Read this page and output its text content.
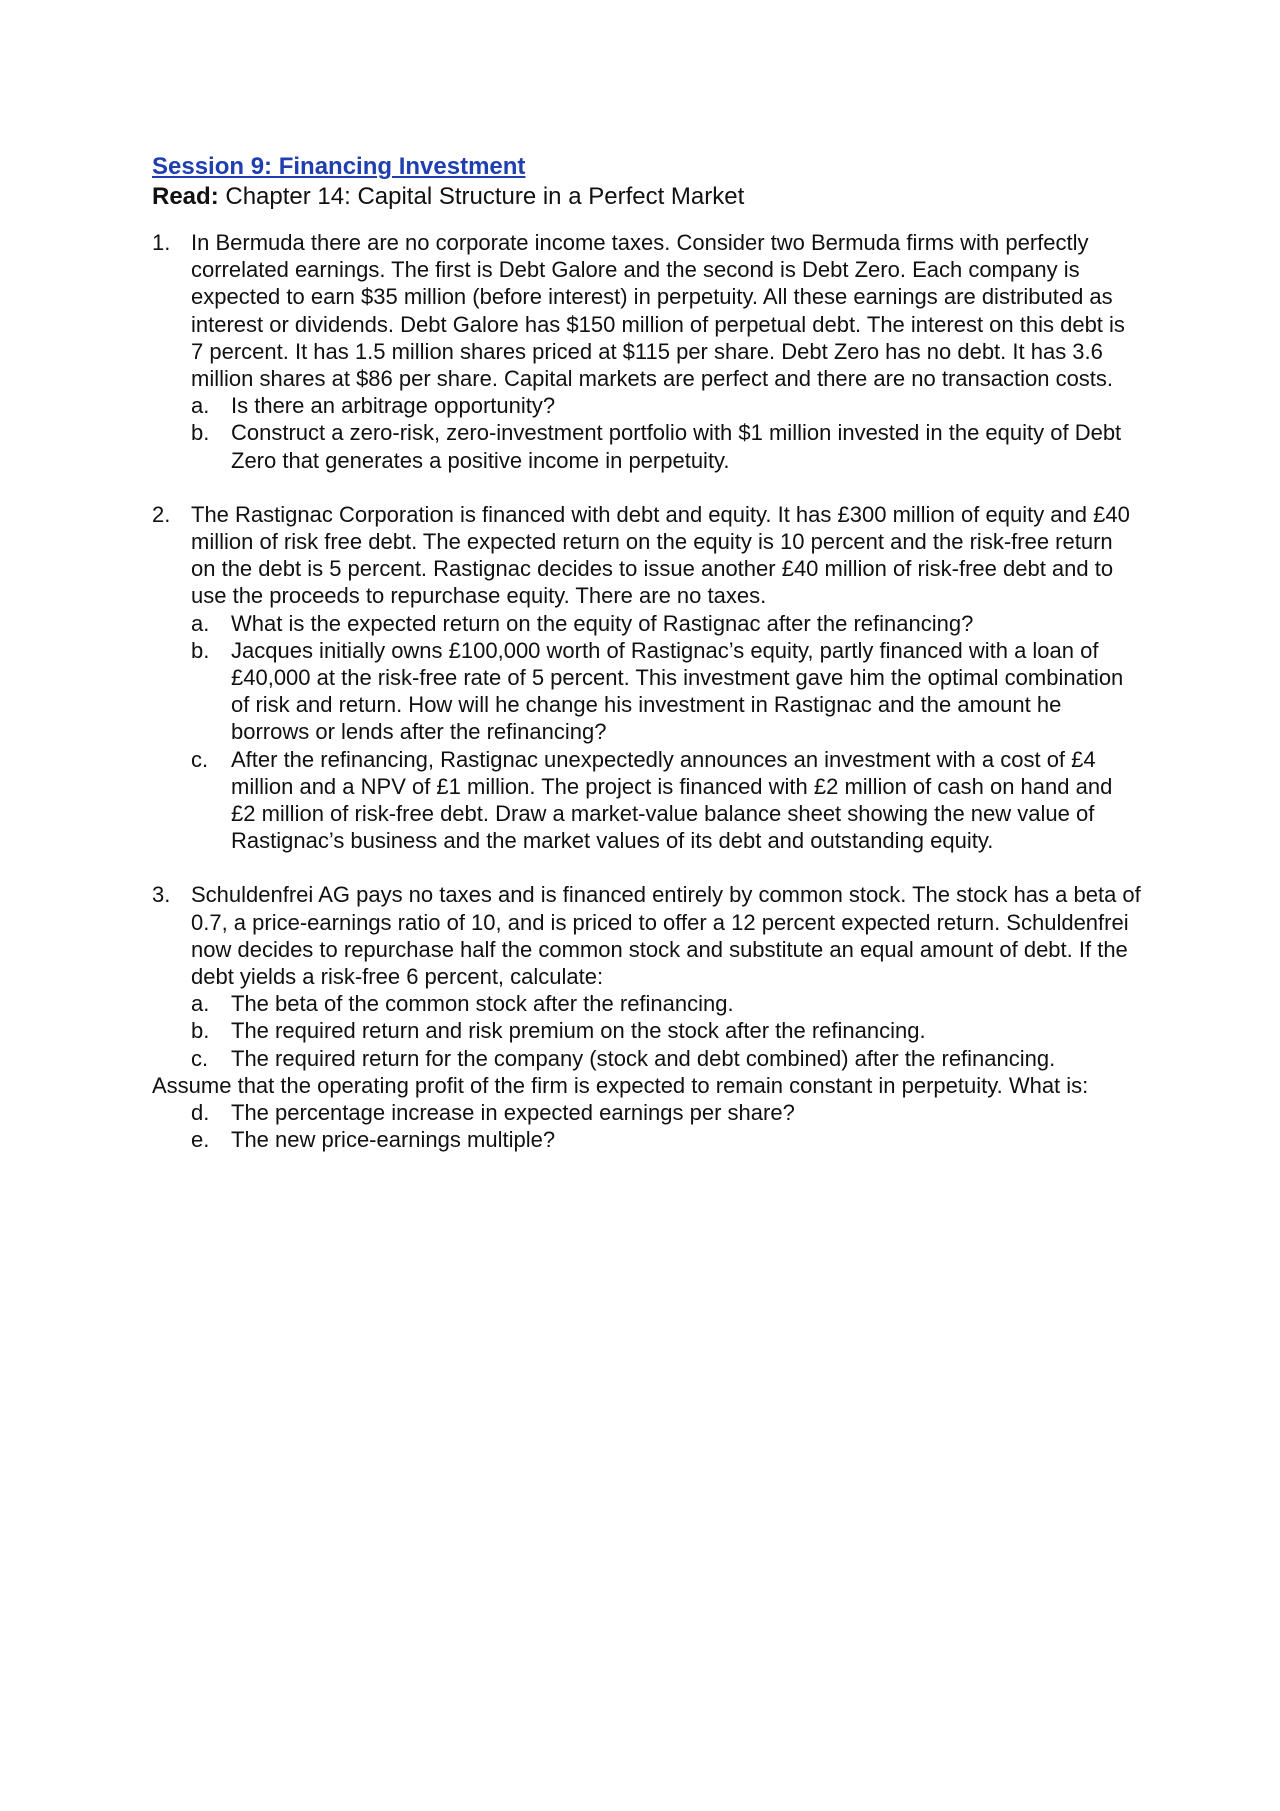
Session 9: Financing Investment
Read: Chapter 14: Capital Structure in a Perfect Market
1. In Bermuda there are no corporate income taxes. Consider two Bermuda firms with perfectly correlated earnings. The first is Debt Galore and the second is Debt Zero. Each company is expected to earn $35 million (before interest) in perpetuity. All these earnings are distributed as interest or dividends. Debt Galore has $150 million of perpetual debt. The interest on this debt is 7 percent. It has 1.5 million shares priced at $115 per share. Debt Zero has no debt. It has 3.6 million shares at $86 per share. Capital markets are perfect and there are no transaction costs.
a. Is there an arbitrage opportunity?
b. Construct a zero-risk, zero-investment portfolio with $1 million invested in the equity of Debt Zero that generates a positive income in perpetuity.
2. The Rastignac Corporation is financed with debt and equity. It has £300 million of equity and £40 million of risk free debt. The expected return on the equity is 10 percent and the risk-free return on the debt is 5 percent. Rastignac decides to issue another £40 million of risk-free debt and to use the proceeds to repurchase equity. There are no taxes.
a. What is the expected return on the equity of Rastignac after the refinancing?
b. Jacques initially owns £100,000 worth of Rastignac’s equity, partly financed with a loan of £40,000 at the risk-free rate of 5 percent. This investment gave him the optimal combination of risk and return. How will he change his investment in Rastignac and the amount he borrows or lends after the refinancing?
c. After the refinancing, Rastignac unexpectedly announces an investment with a cost of £4 million and a NPV of £1 million. The project is financed with £2 million of cash on hand and £2 million of risk-free debt. Draw a market-value balance sheet showing the new value of Rastignac’s business and the market values of its debt and outstanding equity.
3. Schuldenfrei AG pays no taxes and is financed entirely by common stock. The stock has a beta of 0.7, a price-earnings ratio of 10, and is priced to offer a 12 percent expected return. Schuldenfrei now decides to repurchase half the common stock and substitute an equal amount of debt. If the debt yields a risk-free 6 percent, calculate:
a. The beta of the common stock after the refinancing.
b. The required return and risk premium on the stock after the refinancing.
c. The required return for the company (stock and debt combined) after the refinancing.
Assume that the operating profit of the firm is expected to remain constant in perpetuity. What is:
d. The percentage increase in expected earnings per share?
e. The new price-earnings multiple?
